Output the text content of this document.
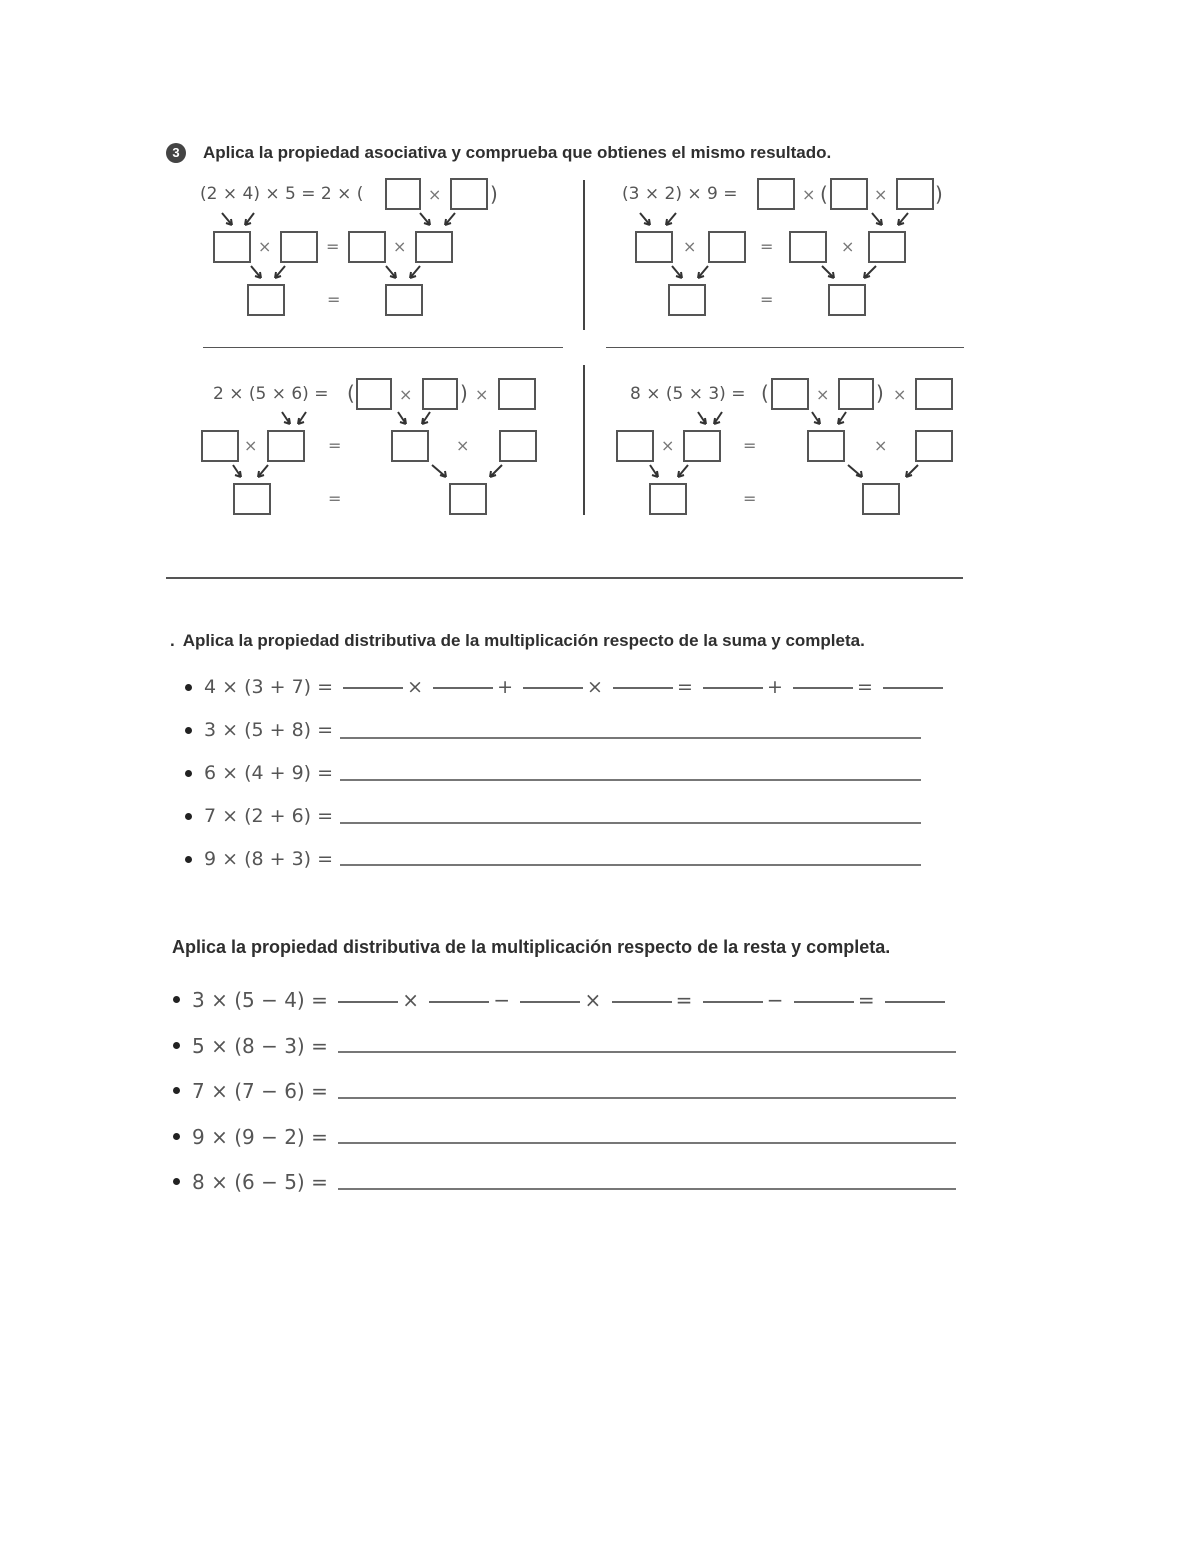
3	Aplica la propiedad asociativa y comprueba que obtienes el mismo resultado.
(2 × 4) × 5 = 2 × (	× )
×	=	×
=
(3 × 2) × 9 =	× (	× )
×	=	×
=
2 × (5 × 6) = (	× ) ×
×	=	×
=
8 × (5 × 3) = (	× ) ×
×	=	×
=
. Aplica la propiedad distributiva de la multiplicación respecto de la suma y completa.
4 × (3 + 7) =	×	+	×	=	+	=
3 × (5 + 8) =
6 × (4 + 9) =
7 × (2 + 6) =
9 × (8 + 3) =
Aplica la propiedad distributiva de la multiplicación respecto de la resta y completa.
3 × (5 − 4) =	×	−	×	=	−	=
5 × (8 − 3) =
7 × (7 − 6) =
9 × (9 − 2) =
8 × (6 − 5) =
